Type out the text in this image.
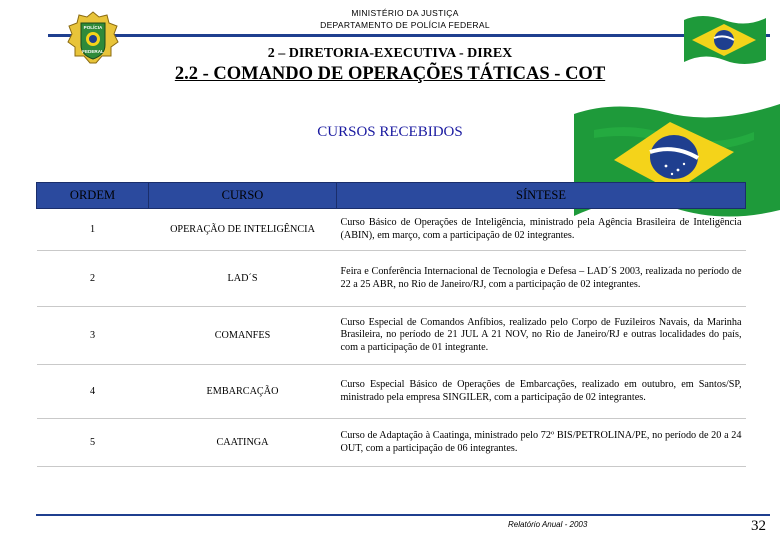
MINISTÉRIO DA JUSTIÇA
DEPARTAMENTO DE POLÍCIA FEDERAL
POLÍCIA
FEDERAL	2 – DIRETORIA-EXECUTIVA - DIREX
2.2 - COMANDO DE OPERAÇÕES TÁTICAS - COT
CURSOS RECEBIDOS
ORDEM	CURSO	SÍNTESE
1	OPERAÇÃO DE INTELIGÊNCIA	Curso Básico de Operações de Inteligência, ministrado pela Agência Brasileira de Inteligência (ABIN), em março, com a participação de 02 integrantes.
2	LAD´S	Feira e Conferência Internacional de Tecnologia e Defesa – LAD´S 2003, realizada no período de 22 a 25 ABR, no Rio de Janeiro/RJ, com a participação de 02 integrantes.
3	COMANFES	Curso Especial de Comandos Anfíbios, realizado pelo Corpo de Fuzileiros Navais, da Marinha Brasileira, no período de 21 JUL A 21 NOV, no Rio de Janeiro/RJ e outras localidades do país, com a participação de 01 integrante.
4	EMBARCAÇÃO	Curso Especial Básico de Operações de Embarcações, realizado em outubro, em Santos/SP, ministrado pela empresa SINGILER, com a participação de 02 integrantes.
5	CAATINGA	Curso de Adaptação à Caatinga, ministrado pelo 72º BIS/PETROLINA/PE, no período de 20 a 24 OUT, com a participação de 06 integrantes.
Relatório Anual - 2003	32
